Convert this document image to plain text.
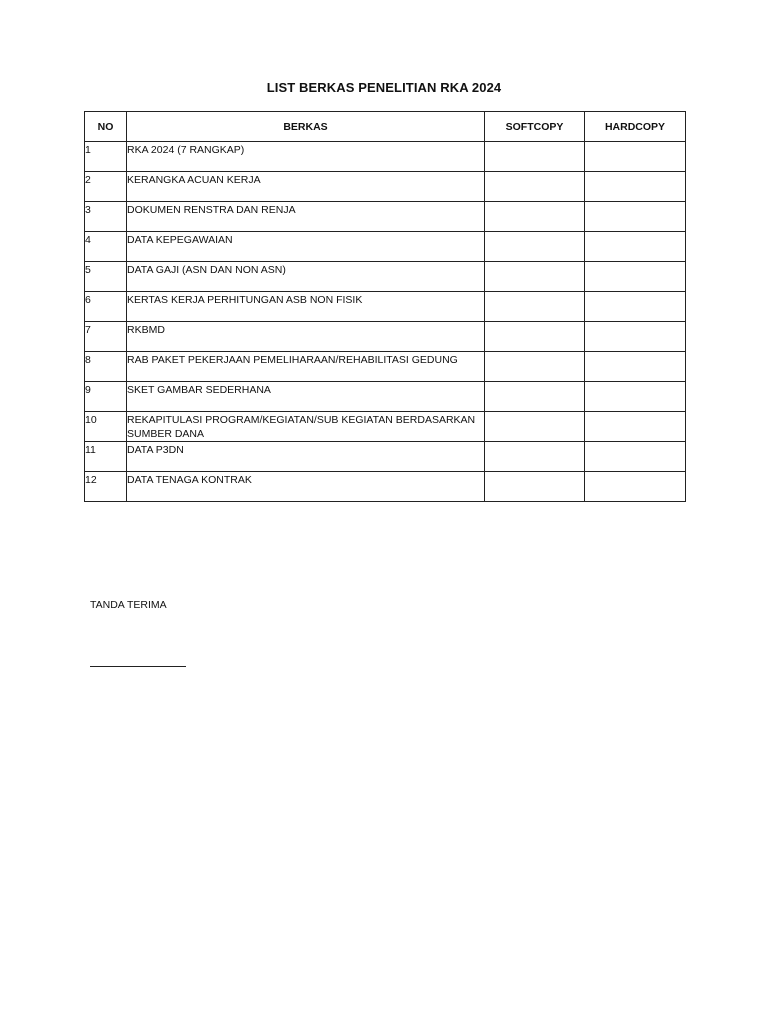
LIST BERKAS PENELITIAN RKA 2024
NO	BERKAS	SOFTCOPY	HARDCOPY
1	RKA 2024 (7 RANGKAP)		
2	KERANGKA ACUAN KERJA		
3	DOKUMEN RENSTRA DAN RENJA		
4	DATA KEPEGAWAIAN		
5	DATA GAJI (ASN DAN NON ASN)		
6	KERTAS KERJA PERHITUNGAN ASB NON FISIK		
7	RKBMD		
8	RAB PAKET PEKERJAAN PEMELIHARAAN/REHABILITASI GEDUNG		
9	SKET GAMBAR SEDERHANA		
10	REKAPITULASI PROGRAM/KEGIATAN/SUB KEGIATAN BERDASARKAN SUMBER DANA		
11	DATA P3DN		
12	DATA TENAGA KONTRAK		
TANDA TERIMA
